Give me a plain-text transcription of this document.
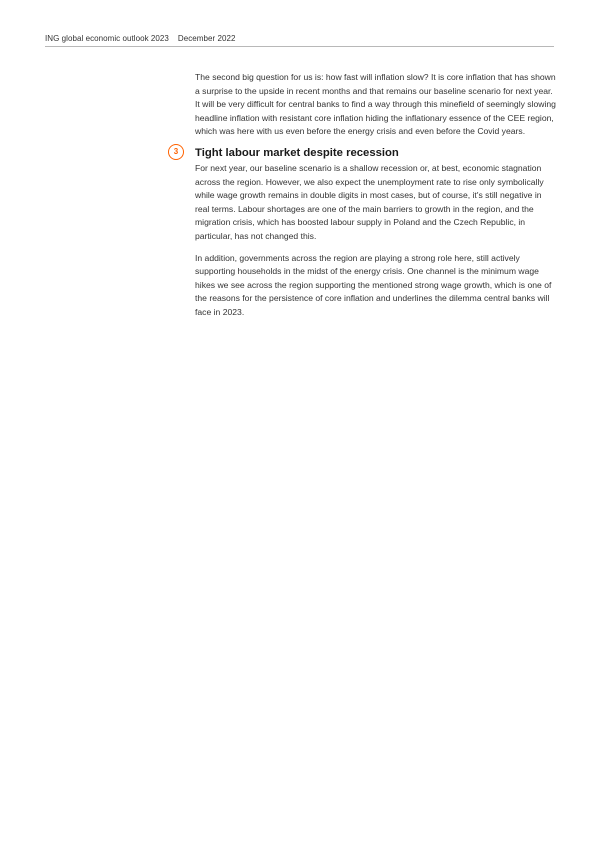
ING global economic outlook 2023 December 2022

The second big question for us is: how fast will inflation slow? It is core inflation that has shown a surprise to the upside in recent months and that remains our baseline scenario for next year. It will be very difficult for central banks to find a way through this minefield of seemingly slowing headline inflation with resistant core inflation hiding the inflationary essence of the CEE region, which was here with us even before the energy crisis and even before the Covid years.

3	Tight labour market despite recession

For next year, our baseline scenario is a shallow recession or, at best, economic stagnation across the region. However, we also expect the unemployment rate to rise only symbolically while wage growth remains in double digits in most cases, but of course, it's still negative in real terms. Labour shortages are one of the main barriers to growth in the region, and the migration crisis, which has boosted labour supply in Poland and the Czech Republic, in particular, has not changed this.

In addition, governments across the region are playing a strong role here, still actively supporting households in the midst of the energy crisis. One channel is the minimum wage hikes we see across the region supporting the mentioned strong wage growth, which is one of the reasons for the persistence of core inflation and underlines the dilemma central banks will face in 2023.
